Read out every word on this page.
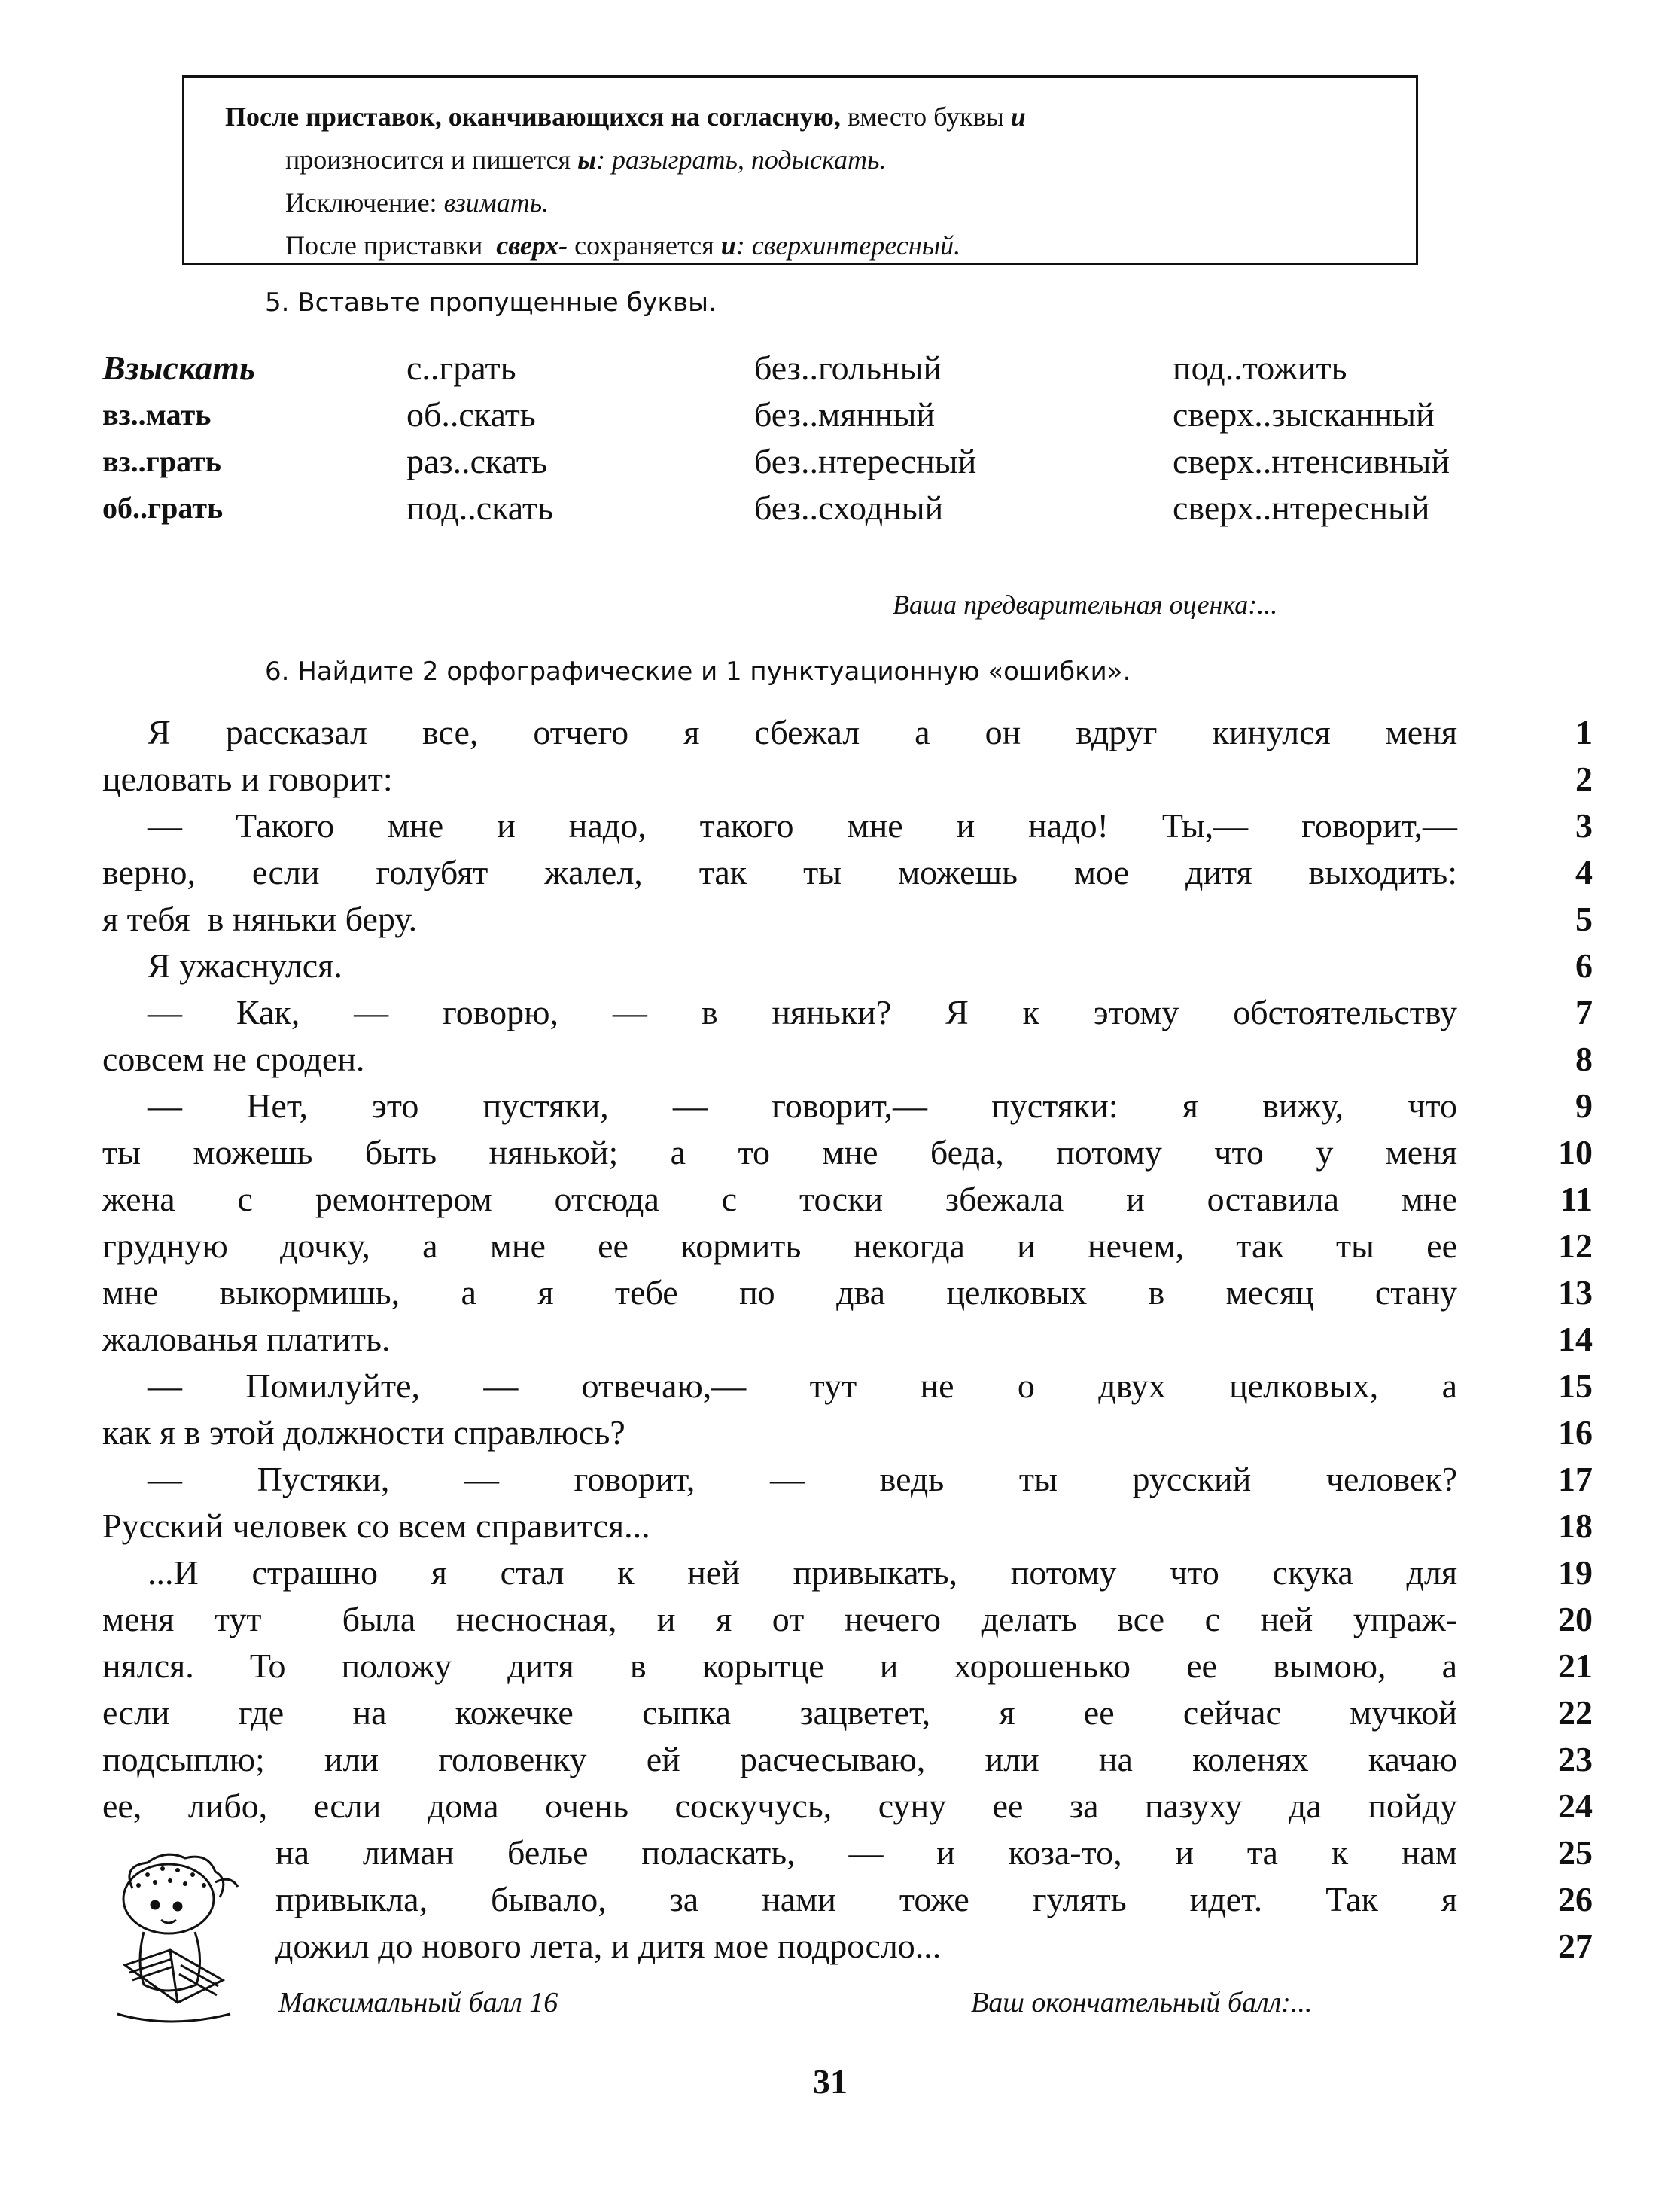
После приставок, оканчивающихся на согласную, вместо буквы и
произносится и пишется ы: разыграть, подыскать.
Исключение: взимать.
После приставки  сверх- сохраняется и: сверхинтересный.
5. Вставьте пропущенные буквы.
Взыскать	с..грать	без..гольный	под..тожить
вз..мать	об..скать	без..мянный	сверх..зысканный
вз..грать	раз..скать	без..нтересный	сверх..нтенсивный
об..грать	под..скать	без..сходный	сверх..нтересный
Ваша предварительная оценка:...
6. Найдите 2 орфографические и 1 пунктуационную «ошибки».
Я рассказал все, отчего я сбежал а он вдруг кинулся меня	1
целовать и говорит:	2
— Такого мне и надо, такого мне и надо! Ты,— говорит,—	3
верно, если голубят жалел, так ты можешь мое дитя выходить:	4
я тебя  в няньки беру.	5
Я ужаснулся.	6
— Как, — говорю, — в няньки? Я к этому обстоятельству	7
совсем не сроден.	8
— Нет, это пустяки, — говорит,— пустяки: я вижу, что	9
ты можешь быть нянькой; а то мне беда, потому что у меня	10
жена с ремонтером отсюда с тоски збежала и оставила мне	11
грудную дочку, а мне ее кормить некогда и нечем, так ты ее	12
мне выкормишь, а я тебе по два целковых в месяц стану	13
жалованья платить.	14
— Помилуйте, — отвечаю,— тут не о двух целковых, а	15
как я в этой должности справлюсь?	16
— Пустяки, — говорит, — ведь ты русский человек?	17
Русский человек со всем справится...	18
...И страшно я стал к ней привыкать, потому что скука для	19
меня тут  была несносная, и я от нечего делать все с ней упраж-	20
нялся. То положу дитя в корытце и хорошенько ее вымою, а	21
если где на кожечке сыпка зацветет, я ее сейчас мучкой	22
подсыплю; или головенку ей расчесываю, или на коленях качаю	23
ее, либо, если дома очень соскучусь, суну ее за пазуху да пойду	24
на лиман белье поласкать, — и коза-то, и та к нам	25
привыкла, бывало, за нами тоже гулять идет. Так я	26
дожил до нового лета, и дитя мое подросло...	27
Максимальный балл 16	Ваш окончательный балл:...
31
